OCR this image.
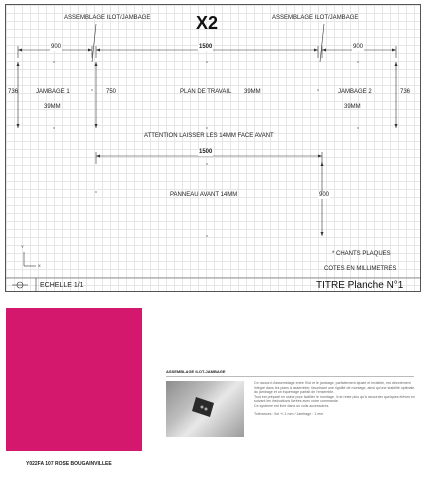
ASSEMBLAGE ILOT/JAMBAGE	X2	ASSEMBLAGE ILOT/JAMBAGE
900	1500	900
736	750	736
JAMBAGE 1
39MM
PLAN DE TRAVAIL 39MM	JAMBAGE 2
39MM
ATTENTION LAISSER LES 14MM FACE AVANT
1500
900
PANNEAU AVANT 14MM
* CHANTS PLAQUES
COTES EN MILLIMETRES
Y
X
ECHELLE 1/1	TITRE Planche N°1
Y022FA 107 ROSE BOUGAINVILLEE
ASSEMBLAGE ILOT-JAMBAGE
Ce raccord d'assemblage entre l'îlot et le jambage, parfaitement ajusté et invisible, est directement intégré dans les plans à assembler, favorisant une rigidité de montage, ainsi qu'une stabilité optimale du jambage et un équerrage parfait de l'ensemble.
Tout est préparé en usine pour faciliter le montage, il ne reste plus qu'à raccorder quelques élèves en suivant les instructions livrées avec votre commande.
Ce système est livré dans un colis accessoires.
Tolérances : îlot +/-1 mm / Jambage : 1 mm
